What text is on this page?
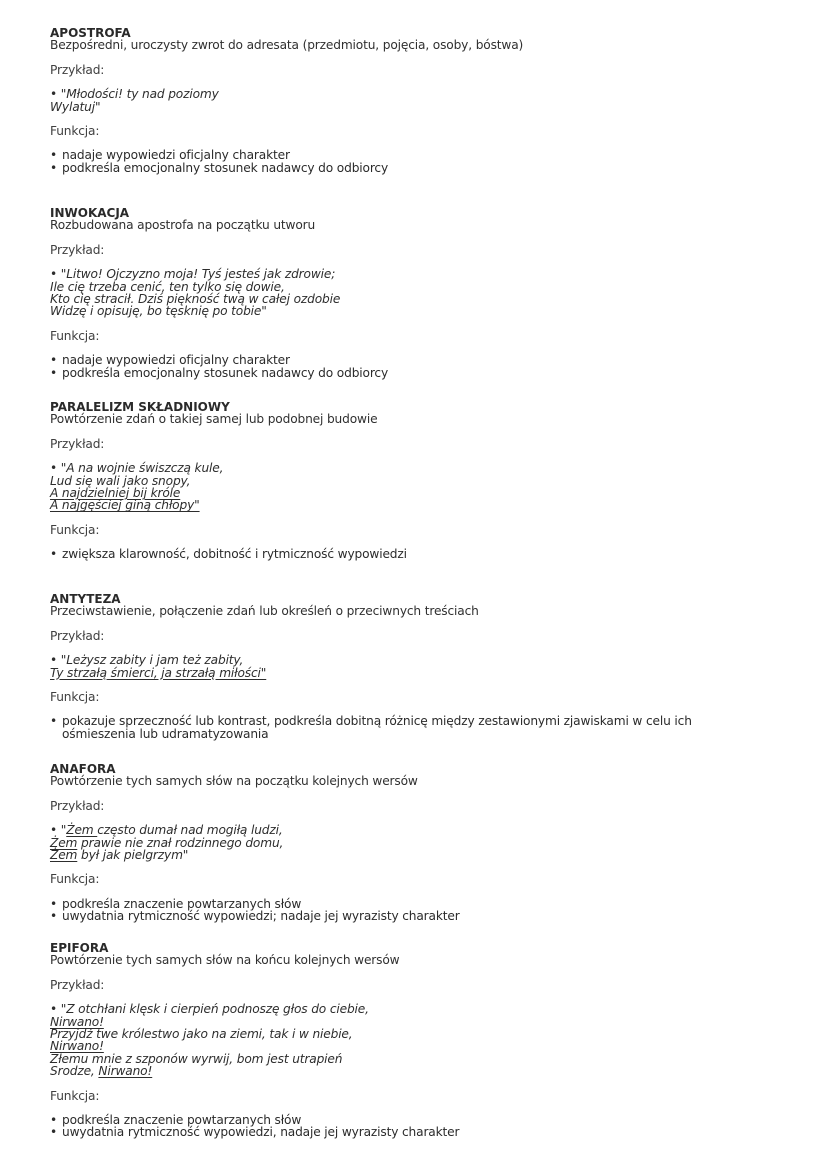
APOSTROFA
Bezpośredni, uroczysty zwrot do adresata (przedmiotu, pojęcia, osoby, bóstwa)
Przykład:
• "Młodości! ty nad poziomy
Wylatuj"
Funkcja:
• nadaje wypowiedzi oficjalny charakter
• podkreśla emocjonalny stosunek nadawcy do odbiorcy
INWOKACJA
Rozbudowana apostrofa na początku utworu
Przykład:
• "Litwo! Ojczyzno moja! Tyś jesteś jak zdrowie;
Ile cię trzeba cenić, ten tylko się dowie,
Kto cię stracił. Dziś piękność twą w całej ozdobie
Widzę i opisuję, bo tęsknię po tobie"
Funkcja:
• nadaje wypowiedzi oficjalny charakter
• podkreśla emocjonalny stosunek nadawcy do odbiorcy
PARALELIZM SKŁADNIOWY
Powtórzenie zdań o takiej samej lub podobnej budowie
Przykład:
• "A na wojnie świszczą kule,
Lud się wali jako snopy,
A najdzielniej bij króle
A najgęściej giną chłopy"
Funkcja:
• zwiększa klarowność, dobitność i rytmiczność wypowiedzi
ANTYTEZA
Przeciwstawienie, połączenie zdań lub określeń o przeciwnych treściach
Przykład:
• "Leżysz zabity i jam też zabity,
Ty strzałą śmierci, ja strzałą miłości"
Funkcja:
• pokazuje sprzeczność lub kontrast, podkreśla dobitną różnicę między zestawionymi zjawiskami w celu ich ośmieszenia lub udramatyzowania
ANAFORA
Powtórzenie tych samych słów na początku kolejnych wersów
Przykład:
• "Żem często dumał nad mogiłą ludzi,
Żem prawie nie znał rodzinnego domu,
Żem był jak pielgrzym"
Funkcja:
• podkreśla znaczenie powtarzanych słów
• uwydatnia rytmiczność wypowiedzi; nadaje jej wyrazisty charakter
EPIFORA
Powtórzenie tych samych słów na końcu kolejnych wersów
Przykład:
• "Z otchłani klęsk i cierpień podnoszę głos do ciebie,
Nirwano!
Przyjdź twe królestwo jako na ziemi, tak i w niebie,
Nirwano!
Złemu mnie z szponów wyrwij, bom jest utrapień
Srodze, Nirwano!
Funkcja:
• podkreśla znaczenie powtarzanych słów
• uwydatnia rytmiczność wypowiedzi, nadaje jej wyrazisty charakter
